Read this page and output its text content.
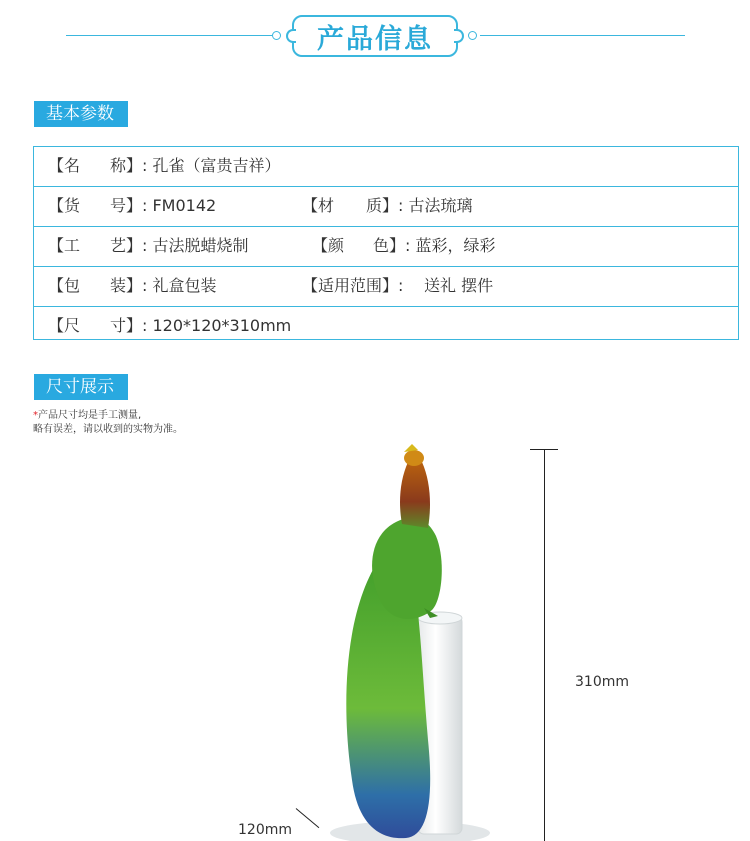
产品信息
基本参数
【名 称】: 孔雀（富贵吉祥）
【货 号】: FM0142	【材 质】: 古法琉璃
【工 艺】: 古法脱蜡烧制	【颜 色】: 蓝彩，绿彩
【包 装】: 礼盒包装	【适用范围】: 送礼 摆件
【尺 寸】: 120*120*310mm
尺寸展示
*产品尺寸均是手工测量,
略有误差，请以收到的实物为准。
310mm
120mm
